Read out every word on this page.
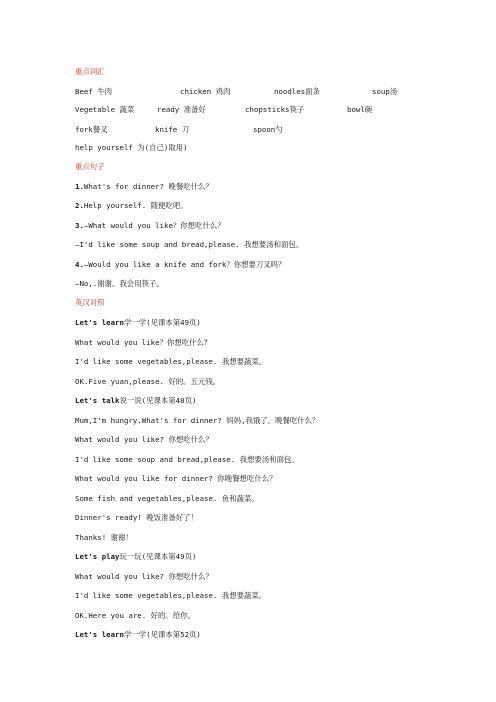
重点词汇
Beef 牛肉	chicken 鸡肉	noodles面条	soup汤
Vegetable 蔬菜	ready 准备好	chopsticks筷子	bowl碗
fork餐叉	knife 刀	spoon勺
help yourself 为(自己)取用)
重点句子
1.What's for dinner? 晚餐吃什么？
2.Help yourself. 随便吃吧。
3.—What would you like？你想吃什么？
—I'd like some soup and bread,please. 我想要汤和面包。
4.—Would you like a knife and fork？你想要刀叉吗？
—No,.谢谢。我会用筷子。
英汉对照
Let's learn学一学(见课本第49页)
What would you like？你想吃什么？
I'd like some vegetables,please. 我想要蔬菜。
OK.Five yuan,please. 好的。五元钱。
Let's talk说一说(见课本第48页)
Mum,I'm hungry.What's for dinner? 妈妈,我饿了。晚餐吃什么？
What would you like? 你想吃什么？
I'd like some soup and bread,please. 我想要汤和面包。
What would you like for dinner? 你晚餐想吃什么？
Some fish and vegetables,please. 鱼和蔬菜。
Dinner's ready! 晚饭准备好了！
Thanks! 谢谢！
Let's play玩一玩(见课本第49页)
What would you like? 你想吃什么？
I'd like some vegetables,please. 我想要蔬菜。
OK.Here you are. 好的。给你。
Let's learn学一学(见课本第52页)
